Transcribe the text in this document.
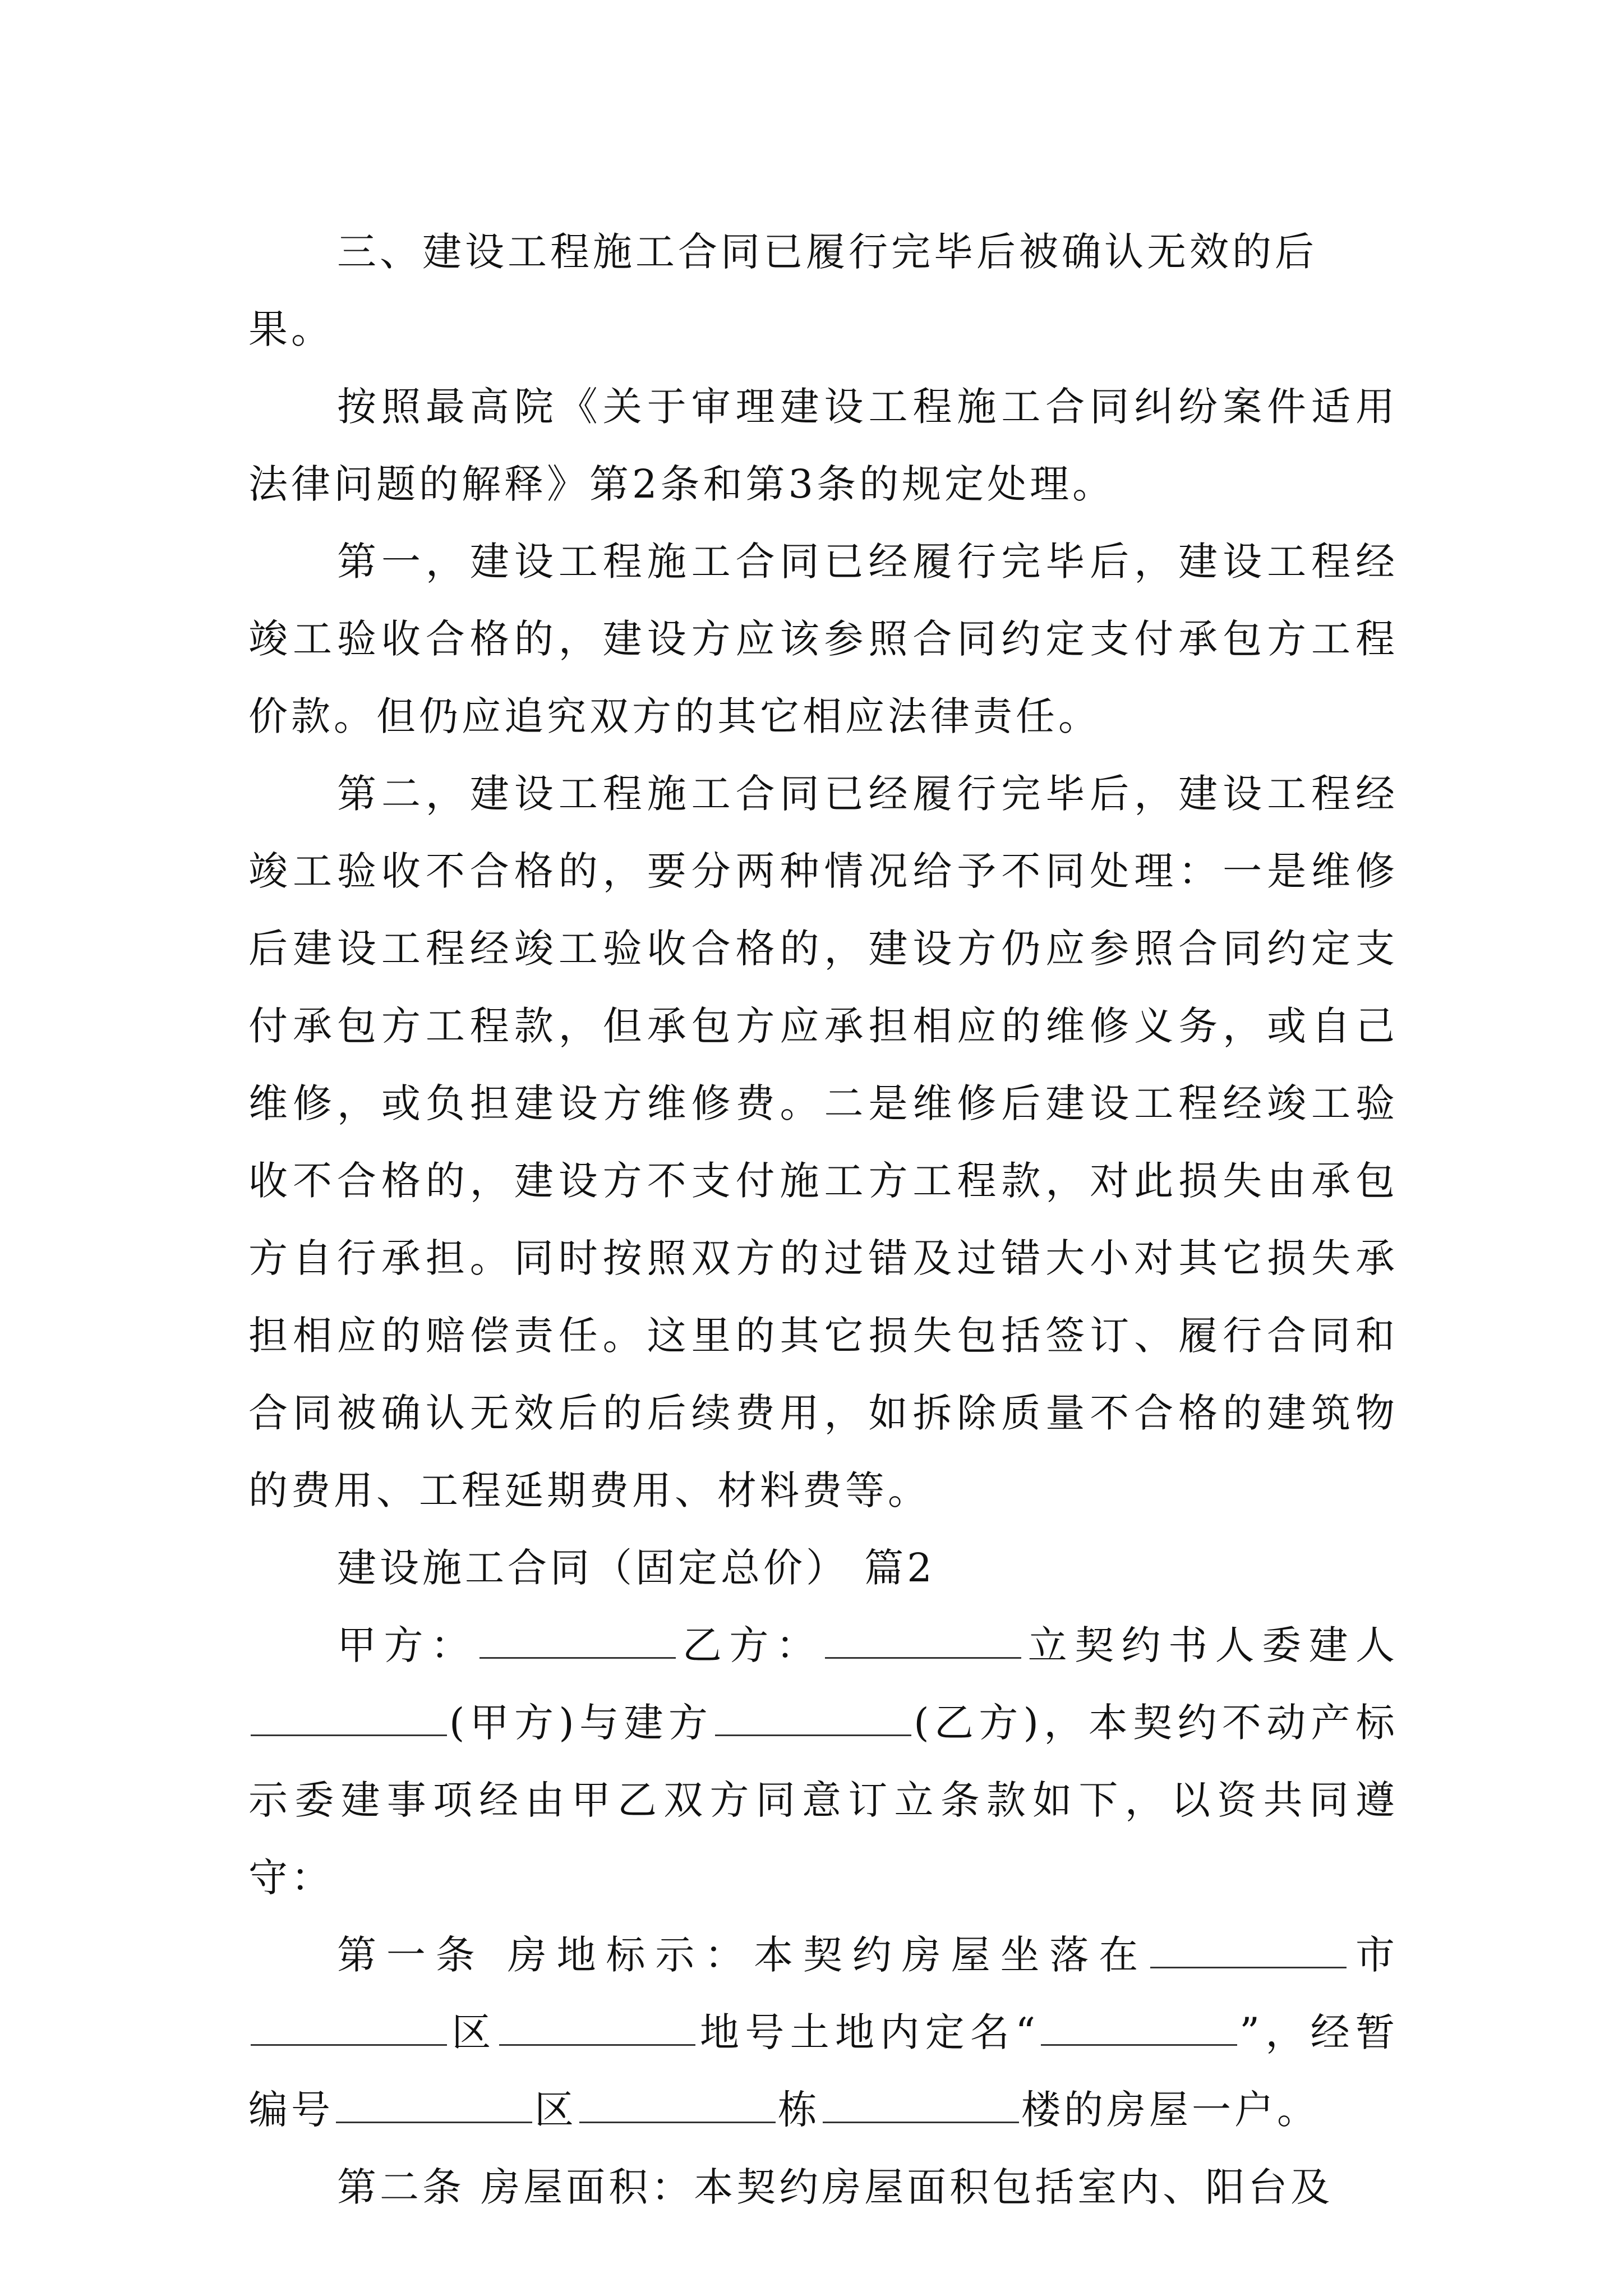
三、建设工程施工合同已履行完毕后被确认无效的后果。

按照最高院《关于审理建设工程施工合同纠纷案件适用法律问题的解释》第2条和第3条的规定处理。

第一，建设工程施工合同已经履行完毕后，建设工程经竣工验收合格的，建设方应该参照合同约定支付承包方工程价款。但仍应追究双方的其它相应法律责任。

第二，建设工程施工合同已经履行完毕后，建设工程经竣工验收不合格的，要分两种情况给予不同处理：一是维修后建设工程经竣工验收合格的，建设方仍应参照合同约定支付承包方工程款，但承包方应承担相应的维修义务，或自己维修，或负担建设方维修费。二是维修后建设工程经竣工验收不合格的，建设方不支付施工方工程款，对此损失由承包方自行承担。同时按照双方的过错及过错大小对其它损失承担相应的赔偿责任。这里的其它损失包括签订、履行合同和合同被确认无效后的后续费用，如拆除质量不合格的建筑物的费用、工程延期费用、材料费等。

建设施工合同（固定总价） 篇2

甲方：	乙方：	立契约书人委建人(甲方)与建方	(乙方)，本契约不动产标示委建事项经由甲乙双方同意订立条款如下，以资共同遵守：

第一条 房地标示：本契约房屋坐落在	市区	地号土地内定名“	”，经暂编号	区	栋	楼的房屋一户。

第二条 房屋面积：本契约房屋面积包括室内、阳台及
